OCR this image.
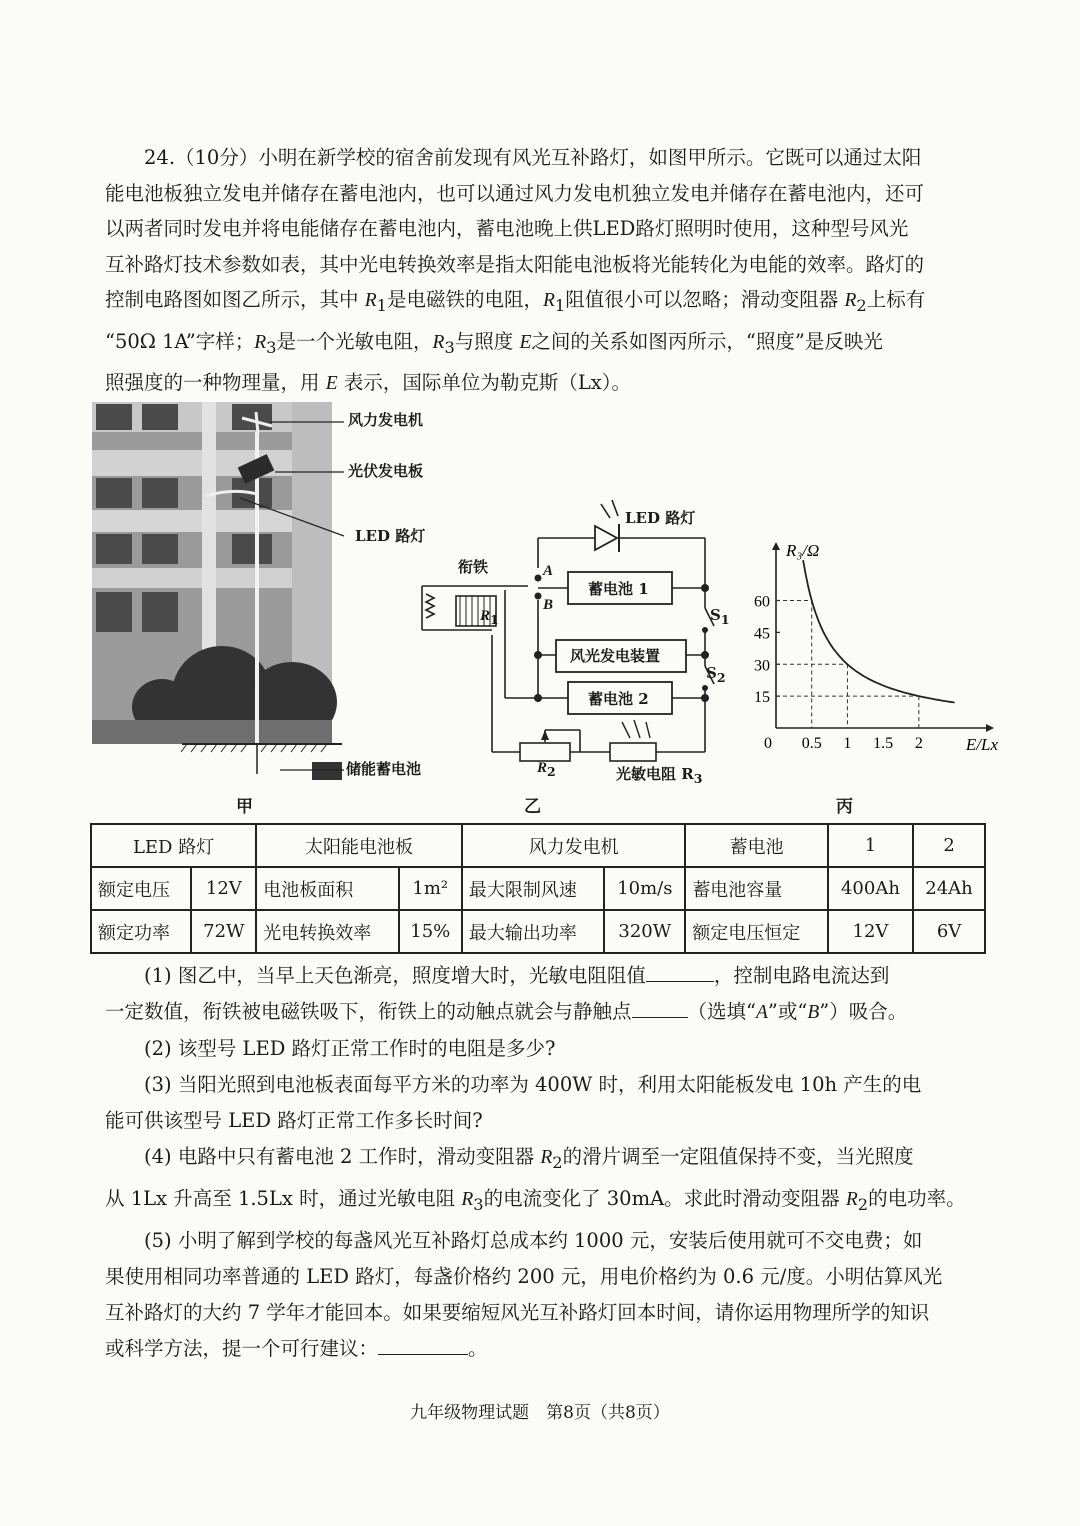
24.（10分）小明在新学校的宿舍前发现有风光互补路灯，如图甲所示。它既可以通过太阳
能电池板独立发电并储存在蓄电池内，也可以通过风力发电机独立发电并储存在蓄电池内，还可
以两者同时发电并将电能储存在蓄电池内，蓄电池晚上供LED路灯照明时使用，这种型号风光
互补路灯技术参数如表，其中光电转换效率是指太阳能电池板将光能转化为电能的效率。路灯的
控制电路图如图乙所示，其中 $R_1$是电磁铁的电阻，$R_1$阻值很小可以忽略；滑动变阻器 $R_2$上标有
“50Ω 1A”字样；$R_3$是一个光敏电阻，$R_3$与照度 E之间的关系如图丙所示，“照度”是反映光
照强度的一种物理量，用 E 表示，国际单位为勒克斯（Lx）。
风力发电机
光伏发电板
LED 路灯
储能蓄电池
甲
LED 路灯
衔铁	A
B
$R_1$
蓄电池 1
风光发电装置
蓄电池 2
$S_1$
$S_2$
$R_2$	光敏电阻 $R_3$
乙
0 0.5 1 1.5 2
15
30
45
60
R₃/Ω
E/Lx
丙
LED 路灯		太阳能电池板		风力发电机		蓄电池	1	2
额定电压	12V	电池板面积	1m²	最大限制风速	10m/s	蓄电池容量	400Ah	24Ah
额定功率	72W	光电转换效率	15%	最大输出功率	320W	额定电压恒定	12V	6V
(1) 图乙中，当早上天色渐亮，照度增大时，光敏电阻阻值	，控制电路电流达到
一定数值，衔铁被电磁铁吸下，衔铁上的动触点就会与静触点	（选填“A”或“B”）吸合。
(2) 该型号 LED 路灯正常工作时的电阻是多少?
(3) 当阳光照到电池板表面每平方米的功率为 400W 时，利用太阳能板发电 10h 产生的电
能可供该型号 LED 路灯正常工作多长时间?
(4) 电路中只有蓄电池 2 工作时，滑动变阻器 $R_2$的滑片调至一定阻值保持不变，当光照度
从 1Lx 升高至 1.5Lx 时，通过光敏电阻 $R_3$的电流变化了 30mA。求此时滑动变阻器 $R_2$的电功率。
(5) 小明了解到学校的每盏风光互补路灯总成本约 1000 元，安装后使用就可不交电费；如
果使用相同功率普通的 LED 路灯，每盏价格约 200 元，用电价格约为 0.6 元/度。小明估算风光
互补路灯的大约 7 学年才能回本。如果要缩短风光互补路灯回本时间，请你运用物理所学的知识
或科学方法，提一个可行建议：	。
九年级物理试题　第8页（共8页）
